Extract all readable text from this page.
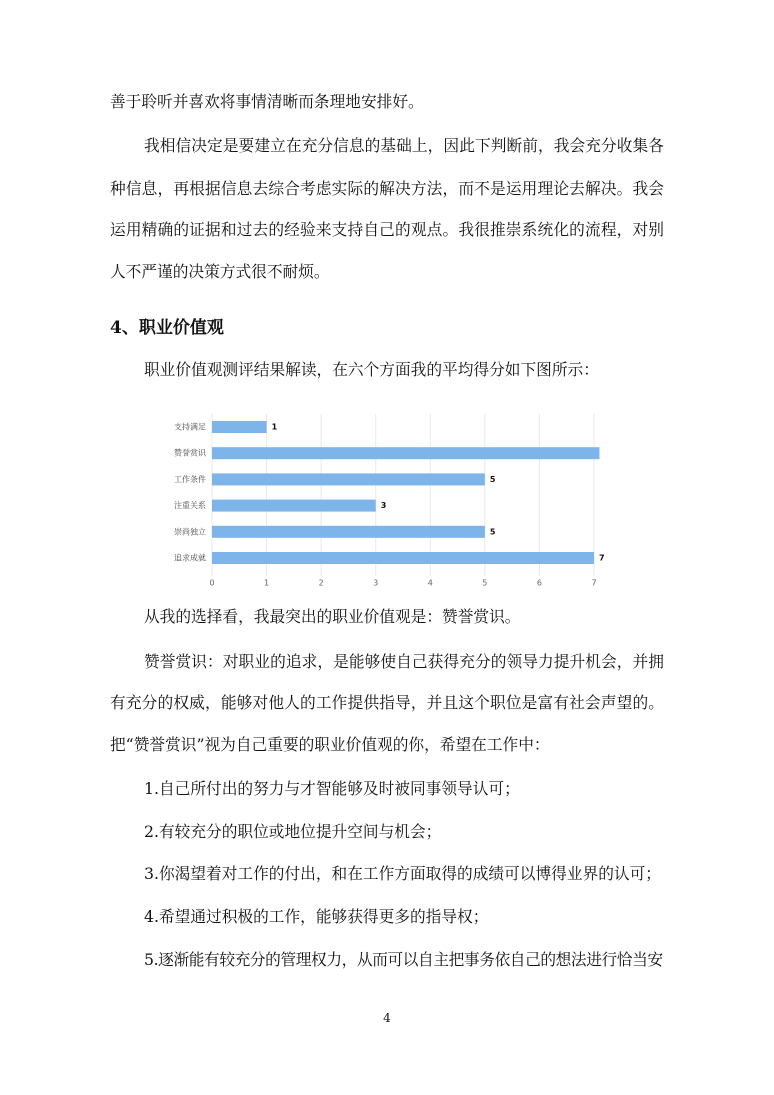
善于聆听并喜欢将事情清晰而条理地安排好。
我相信决定是要建立在充分信息的基础上，因此下判断前，我会充分收集各
种信息，再根据信息去综合考虑实际的解决方法，而不是运用理论去解决。我会
运用精确的证据和过去的经验来支持自己的观点。我很推崇系统化的流程，对别
人不严谨的决策方式很不耐烦。
4、职业价值观
职业价值观测评结果解读，在六个方面我的平均得分如下图所示：
支持满足	1
赞誉赏识
工作条件	5
注重关系	3
崇尚独立	5
追求成就	7
0	1	2	3	4	5	6	7
从我的选择看，我最突出的职业价值观是：赞誉赏识。
赞誉赏识：对职业的追求，是能够使自己获得充分的领导力提升机会，并拥
有充分的权威，能够对他人的工作提供指导，并且这个职位是富有社会声望的。
把“赞誉赏识”视为自己重要的职业价值观的你，希望在工作中：
1.自己所付出的努力与才智能够及时被同事领导认可；
2.有较充分的职位或地位提升空间与机会；
3.你渴望着对工作的付出，和在工作方面取得的成绩可以博得业界的认可；
4.希望通过积极的工作，能够获得更多的指导权；
5.逐渐能有较充分的管理权力，从而可以自主把事务依自己的想法进行恰当安
4
